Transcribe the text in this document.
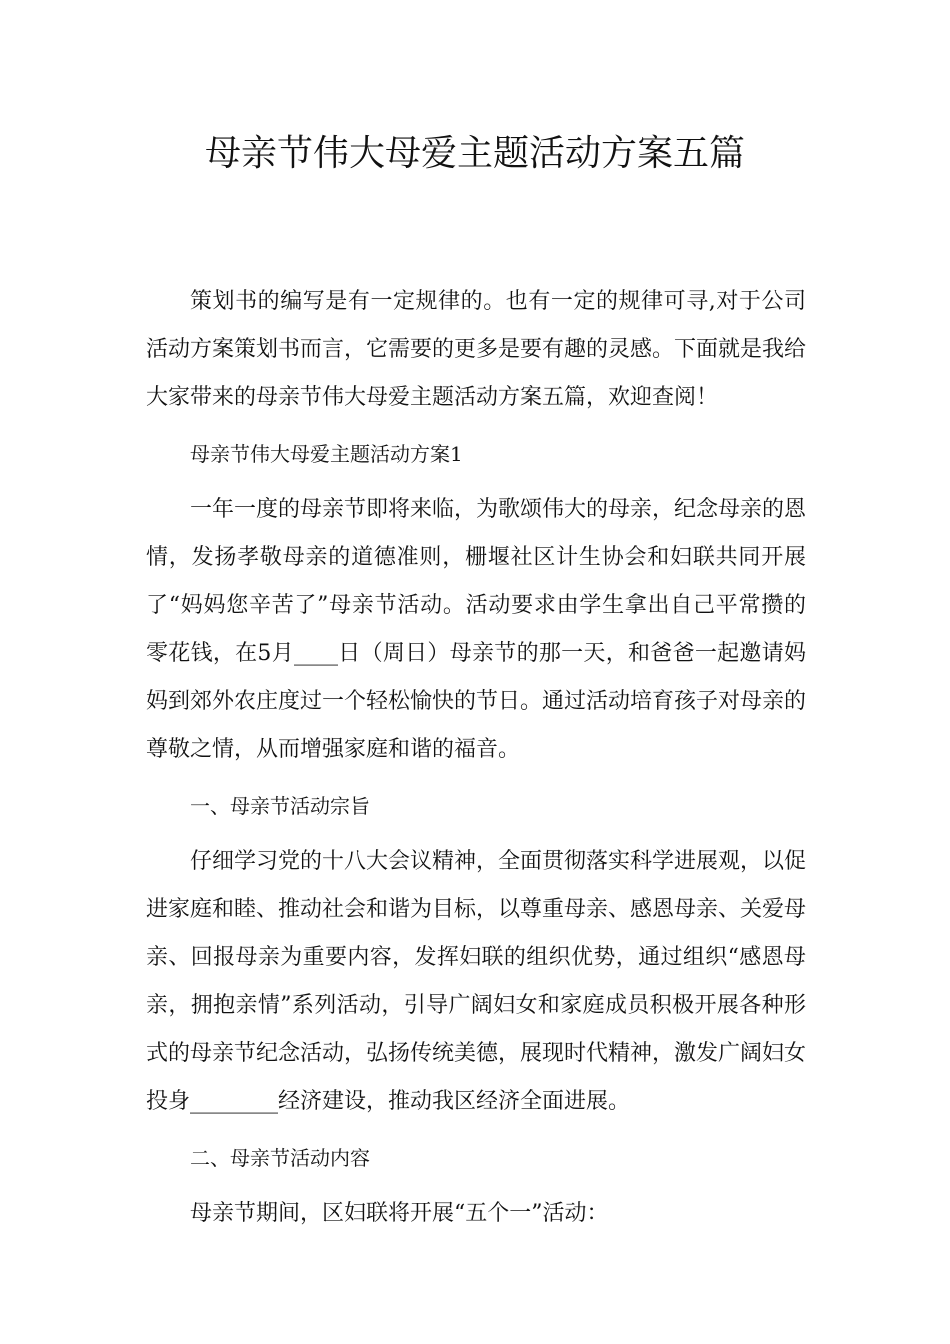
母亲节伟大母爱主题活动方案五篇

策划书的编写是有一定规律的。也有一定的规律可寻,对于公司活动方案策划书而言，它需要的更多是要有趣的灵感。下面就是我给大家带来的母亲节伟大母爱主题活动方案五篇，欢迎查阅！

母亲节伟大母爱主题活动方案1

一年一度的母亲节即将来临，为歌颂伟大的母亲，纪念母亲的恩情，发扬孝敬母亲的道德准则，栅堰社区计生协会和妇联共同开展了“妈妈您辛苦了”母亲节活动。活动要求由学生拿出自己平常攒的零花钱，在5月____日（周日）母亲节的那一天，和爸爸一起邀请妈妈到郊外农庄度过一个轻松愉快的节日。通过活动培育孩子对母亲的尊敬之情，从而增强家庭和谐的福音。

一、母亲节活动宗旨

仔细学习党的十八大会议精神，全面贯彻落实科学进展观，以促进家庭和睦、推动社会和谐为目标，以尊重母亲、感恩母亲、关爱母亲、回报母亲为重要内容，发挥妇联的组织优势，通过组织“感恩母亲，拥抱亲情”系列活动，引导广阔妇女和家庭成员积极开展各种形式的母亲节纪念活动，弘扬传统美德，展现时代精神，激发广阔妇女投身________经济建设，推动我区经济全面进展。

二、母亲节活动内容

母亲节期间，区妇联将开展“五个一”活动：
